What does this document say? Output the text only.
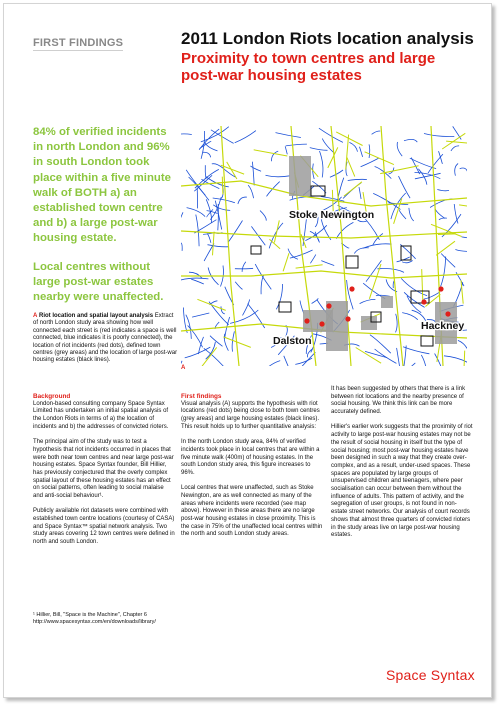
FIRST FINDINGS	2011 London Riots location analysis
Proximity to town centres and large post-war housing estates

84% of verified incidents in north London and 96% in south London took place within a five minute walk of BOTH a) an established town centre and b) a large post-war housing estate.

Local centres without large post-war estates nearby were unaffected.

A Riot location and spatial layout analysis Extract of north London study area showing how well connected each street is (red indicates a space is well connected, blue indicates it is poorly connected), the location of riot incidents (red dots), defined town centres (grey areas) and the location of large post-war housing estates (black lines).
Stoke Newington
Hackney
Dalston
A

Background

London-based consulting company Space Syntax Limited has undertaken an initial spatial analysis of the London Riots in terms of a) the location of incidents and b) the addresses of convicted rioters.

The principal aim of the study was to test a hypothesis that riot incidents occurred in places that were both near town centres and near large post-war housing estates. Space Syntax founder, Bill Hillier, has previously conjectured that the overly complex spatial layout of these housing estates has an effect on social patterns, often leading to social malaise and anti-social behaviour¹.

Publicly available riot datasets were combined with established town centre locations (courtesy of CASA) and Space Syntax™ spatial network analysis. Two study areas covering 12 town centres were defined in north and south London.

First findings

Visual analysis (A) supports the hypothesis with riot locations (red dots) being close to both town centres (grey areas) and large housing estates (black lines). This result holds up to further quantitative analysis:

In the north London study area, 84% of verified incidents took place in local centres that are within a five minute walk (400m) of housing estates. In the south London study area, this figure increases to 96%.

Local centres that were unaffected, such as Stoke Newington, are as well connected as many of the areas where incidents were recorded (see map above). However in these areas there are no large post-war housing estates in close proximity. This is the case in 75% of the unaffected local centres within the north and south London study areas.

It has been suggested by others that there is a link between riot locations and the nearby presence of social housing. We think this link can be more accurately defined.

Hillier's earlier work suggests that the proximity of riot activity to large post-war housing estates may not be the result of social housing in itself but the type of social housing; most post-war housing estates have been designed in such a way that they create over-complex, and as a result, under-used spaces. These spaces are populated by large groups of unsupervised children and teenagers, where peer socialisation can occur between them without the influence of adults. This pattern of activity, and the segregation of user groups, is not found in non-estate street networks. Our analysis of court records shows that almost three quarters of convicted rioters in the study areas live on large post-war housing estates.

¹ Hillier, Bill, "Space is the Machine", Chapter 6
http://www.spacesyntax.com/en/downloads/library/
Space Syntax
